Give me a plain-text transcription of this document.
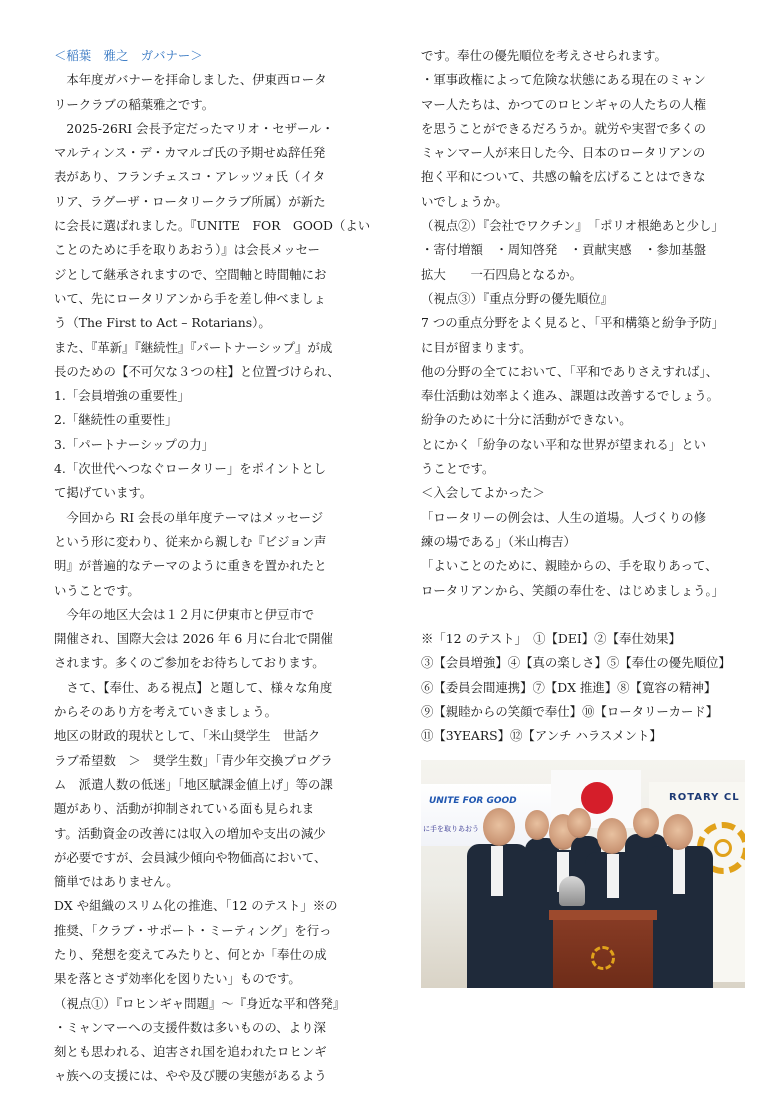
＜稲葉　雅之　ガバナー＞

　本年度ガバナーを拝命しました、伊東西ロータ

リークラブの稲葉雅之です。

　2025-26RI 会長予定だったマリオ・セザール・

マルティンス・デ・カマルゴ氏の予期せぬ辞任発

表があり、フランチェスコ・アレッツォ氏（イタ

リア、ラグーザ・ロータリークラブ所属）が新た

に会長に選ばれました。『UNITE　FOR　GOOD（よい

ことのために手を取りあおう）』は会長メッセー

ジとして継承されますので、空間軸と時間軸にお

いて、先にロータリアンから手を差し伸べましょ

う（The First to Act – Rotarians）。

また、『革新』『継続性』『パートナーシップ』が成

長のための【不可欠な３つの柱】と位置づけられ、

1.「会員増強の重要性」

2.「継続性の重要性」

3.「パートナーシップの力」

4.「次世代へつなぐロータリー」をポイントとし

て掲げています。

　今回から RI 会長の単年度テーマはメッセージ

という形に変わり、従来から親しむ『ビジョン声

明』が普遍的なテーマのように重きを置かれたと

いうことです。

　今年の地区大会は１２月に伊東市と伊豆市で

開催され、国際大会は 2026 年 6 月に台北で開催

されます。多くのご参加をお待ちしております。

　さて、【奉仕、ある視点】と題して、様々な角度

からそのあり方を考えていきましょう。

地区の財政的現状として、「米山奨学生　世話ク

ラブ希望数　＞　奨学生数」「青少年交換プログラ

ム　派遣人数の低迷」「地区賦課金値上げ」等の課

題があり、活動が抑制されている面も見られま

す。活動資金の改善には収入の増加や支出の減少

が必要ですが、会員減少傾向や物価高において、

簡単ではありません。

DX や組織のスリム化の推進、「12 のテスト」※の

推奨、「クラブ・サポート・ミーティング」を行っ

たり、発想を変えてみたりと、何とか「奉仕の成

果を落とさず効率化を図りたい」ものです。

（視点①）『ロヒンギャ問題』～『身近な平和啓発』

・ミャンマーへの支援件数は多いものの、より深

刻とも思われる、迫害され国を追われたロヒンギ

ャ族への支援には、やや及び腰の実態があるよう

です。奉仕の優先順位を考えさせられます。

・軍事政権によって危険な状態にある現在のミャン

マー人たちは、かつてのロヒンギャの人たちの人権

を思うことができるだろうか。就労や実習で多くの

ミャンマー人が来日した今、日本のロータリアンの

抱く平和について、共感の輪を広げることはできな

いでしょうか。

（視点②）『会社でワクチン』　「ポリオ根絶あと少し」

・寄付増額　・周知啓発　・貢献実感　・参加基盤

拡大　　一石四鳥となるか。

（視点③）『重点分野の優先順位』

7 つの重点分野をよく見ると、「平和構築と紛争予防」

に目が留まります。

他の分野の全てにおいて、「平和でありさえすれば」、

奉仕活動は効率よく進み、課題は改善するでしょう。

紛争のために十分に活動ができない。

とにかく「紛争のない平和な世界が望まれる」とい

うことです。

＜入会してよかった＞

「ロータリーの例会は、人生の道場。人づくりの修

練の場である」（米山梅吉）

「よいことのために、親睦からの、手を取りあって、

ロータリアンから、笑顔の奉仕を、はじめましょう。」

※「12 のテスト」　①【DEI】②【奉仕効果】

③【会員増強】④【真の楽しさ】⑤【奉仕の優先順位】

⑥【委員会間連携】⑦【DX 推進】⑧【寛容の精神】

⑨【親睦からの笑顔で奉仕】⑩【ロータリーカード】

⑪【3YEARS】⑫【アンチ ハラスメント】

UNITE FOR GOOD
に手を取りあおう
ROTARY CL
